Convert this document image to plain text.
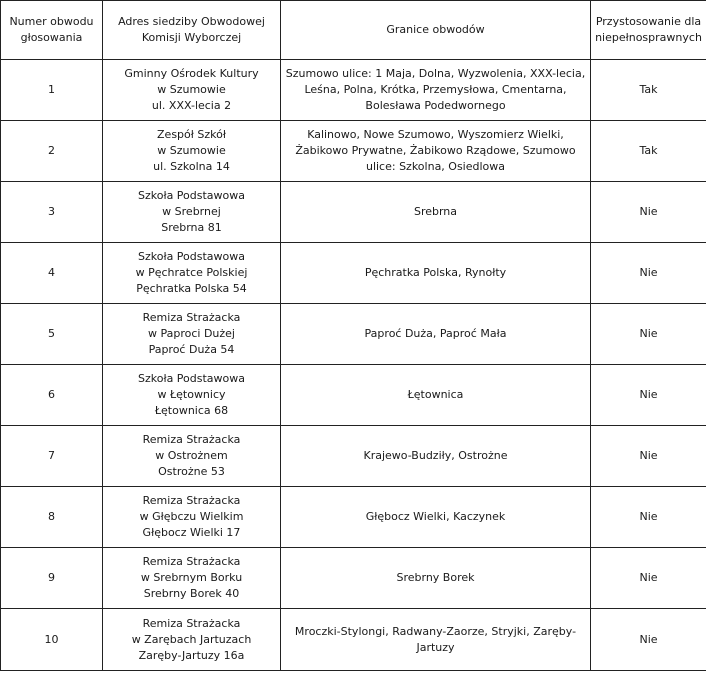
Numer obwodu
głosowania	Adres siedziby Obwodowej
Komisji Wyborczej	Granice obwodów	Przystosowanie dla
niepełnosprawnych

1	Gminny Ośrodek Kultury
w Szumowie
ul. XXX-lecia 2	Szumowo ulice: 1 Maja, Dolna, Wyzwolenia, XXX-lecia,
Leśna, Polna, Krótka, Przemysłowa, Cmentarna,
Bolesława Podedwornego	Tak

2	Zespół Szkół
w Szumowie
ul. Szkolna 14	Kalinowo, Nowe Szumowo, Wyszomierz Wielki,
Żabikowo Prywatne, Żabikowo Rządowe, Szumowo
ulice: Szkolna, Osiedlowa	Tak

3	Szkoła Podstawowa
w Srebrnej
Srebrna 81	Srebrna	Nie

4	Szkoła Podstawowa
w Pęchratce Polskiej
Pęchratka Polska 54	Pęchratka Polska, Rynołty	Nie

5	Remiza Strażacka
w Paproci Dużej
Paproć Duża 54	Paproć Duża, Paproć Mała	Nie

6	Szkoła Podstawowa
w Łętownicy
Łętownica 68	Łętownica	Nie

7	Remiza Strażacka
w Ostrożnem
Ostrożne 53	Krajewo-Budziły, Ostrożne	Nie

8	Remiza Strażacka
w Głębczu Wielkim
Głębocz Wielki 17	Głębocz Wielki, Kaczynek	Nie

9	Remiza Strażacka
w Srebrnym Borku
Srebrny Borek 40	Srebrny Borek	Nie

10	Remiza Strażacka
w Zarębach Jartuzach
Zaręby-Jartuzy 16a	Mroczki-Stylongi, Radwany-Zaorze, Stryjki, Zaręby-
Jartuzy	Nie
